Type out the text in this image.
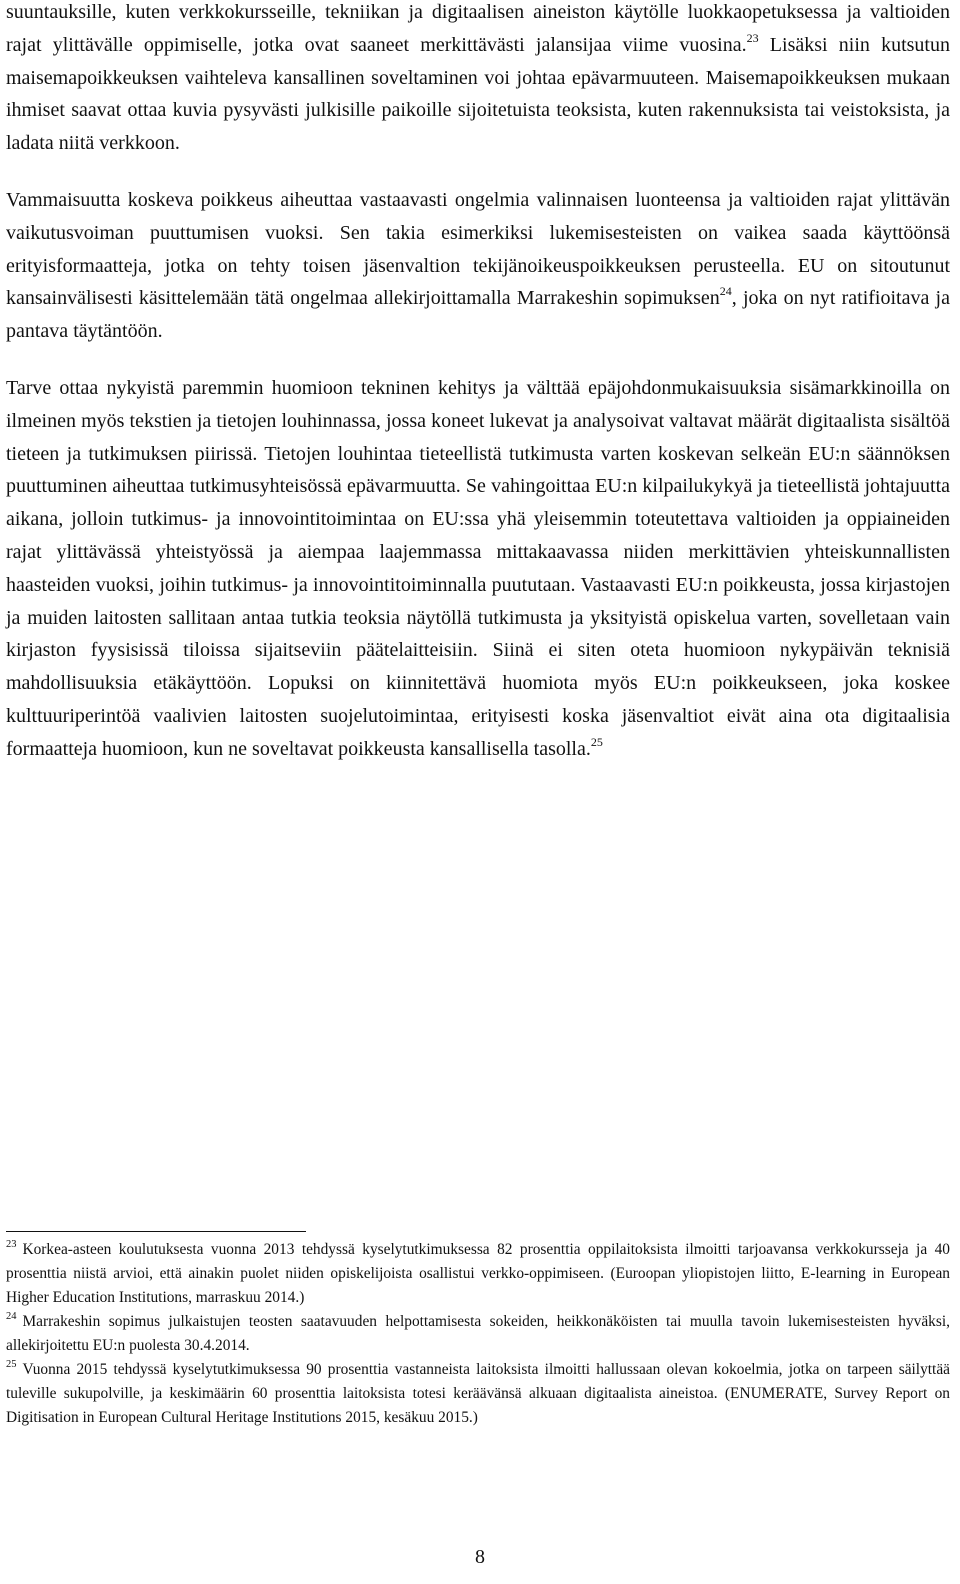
suuntauksille, kuten verkkokursseille, tekniikan ja digitaalisen aineiston käytölle luokkaopetuksessa ja valtioiden rajat ylittävälle oppimiselle, jotka ovat saaneet merkittävästi jalansijaa viime vuosina.$^{23}$ Lisäksi niin kutsutun maisemapoikkeuksen vaihteleva kansallinen soveltaminen voi johtaa epävarmuuteen. Maisemapoikkeuksen mukaan ihmiset saavat ottaa kuvia pysyvästi julkisille paikoille sijoitetuista teoksista, kuten rakennuksista tai veistoksista, ja ladata niitä verkkoon.

Vammaisuutta koskeva poikkeus aiheuttaa vastaavasti ongelmia valinnaisen luonteensa ja valtioiden rajat ylittävän vaikutusvoiman puuttumisen vuoksi. Sen takia esimerkiksi lukemisesteisten on vaikea saada käyttöönsä erityisformaatteja, jotka on tehty toisen jäsenvaltion tekijänoikeuspoikkeuksen perusteella. EU on sitoutunut kansainvälisesti käsittelemään tätä ongelmaa allekirjoittamalla Marrakeshin sopimuksen$^{24}$, joka on nyt ratifioitava ja pantava täytäntöön.

Tarve ottaa nykyistä paremmin huomioon tekninen kehitys ja välttää epäjohdonmukaisuuksia sisämarkkinoilla on ilmeinen myös tekstien ja tietojen louhinnassa, jossa koneet lukevat ja analysoivat valtavat määrät digitaalista sisältöä tieteen ja tutkimuksen piirissä. Tietojen louhintaa tieteellistä tutkimusta varten koskevan selkeän EU:n säännöksen puuttuminen aiheuttaa tutkimusyhteisössä epävarmuutta. Se vahingoittaa EU:n kilpailukykyä ja tieteellistä johtajuutta aikana, jolloin tutkimus- ja innovointitoimintaa on EU:ssa yhä yleisemmin toteutettava valtioiden ja oppiaineiden rajat ylittävässä yhteistyössä ja aiempaa laajemmassa mittakaavassa niiden merkittävien yhteiskunnallisten haasteiden vuoksi, joihin tutkimus- ja innovointitoiminnalla puututaan. Vastaavasti EU:n poikkeusta, jossa kirjastojen ja muiden laitosten sallitaan antaa tutkia teoksia näytöllä tutkimusta ja yksityistä opiskelua varten, sovelletaan vain kirjaston fyysisissä tiloissa sijaitseviin päätelaitteisiin. Siinä ei siten oteta huomioon nykypäivän teknisiä mahdollisuuksia etäkäyttöön. Lopuksi on kiinnitettävä huomiota myös EU:n poikkeukseen, joka koskee kulttuuriperintöä vaalivien laitosten suojelutoimintaa, erityisesti koska jäsenvaltiot eivät aina ota digitaalisia formaatteja huomioon, kun ne soveltavat poikkeusta kansallisella tasolla.$^{25}$

$^{23}$ Korkea-asteen koulutuksesta vuonna 2013 tehdyssä kyselytutkimuksessa 82 prosenttia oppilaitoksista ilmoitti tarjoavansa verkkokursseja ja 40 prosenttia niistä arvioi, että ainakin puolet niiden opiskelijoista osallistui verkko-oppimiseen. (Euroopan yliopistojen liitto, E-learning in European Higher Education Institutions, marraskuu 2014.)

$^{24}$ Marrakeshin sopimus julkaistujen teosten saatavuuden helpottamisesta sokeiden, heikkonäköisten tai muulla tavoin lukemisesteisten hyväksi, allekirjoitettu EU:n puolesta 30.4.2014.

$^{25}$ Vuonna 2015 tehdyssä kyselytutkimuksessa 90 prosenttia vastanneista laitoksista ilmoitti hallussaan olevan kokoelmia, jotka on tarpeen säilyttää tuleville sukupolville, ja keskimäärin 60 prosenttia laitoksista totesi keräävänsä alkuaan digitaalista aineistoa. (ENUMERATE, Survey Report on Digitisation in European Cultural Heritage Institutions 2015, kesäkuu 2015.)

8
